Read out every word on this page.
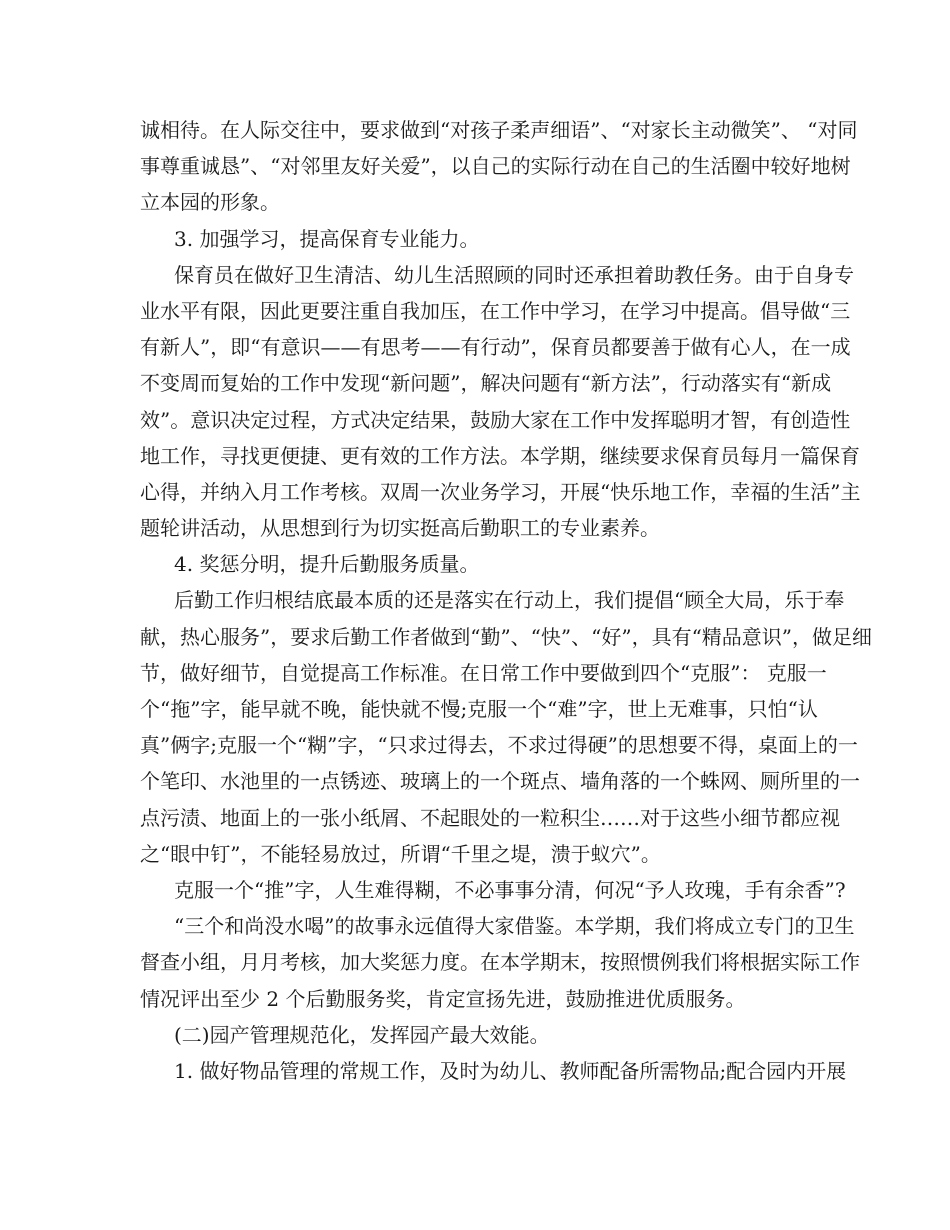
诚相待。在人际交往中，要求做到“对孩子柔声细语”、“对家长主动微笑”、 “对同
事尊重诚恳”、“对邻里友好关爱”，以自己的实际行动在自己的生活圈中较好地树
立本园的形象。
3. 加强学习，提高保育专业能力。
保育员在做好卫生清洁、幼儿生活照顾的同时还承担着助教任务。由于自身专
业水平有限，因此更要注重自我加压，在工作中学习，在学习中提高。倡导做“三
有新人”，即“有意识——有思考——有行动”，保育员都要善于做有心人，在一成
不变周而复始的工作中发现“新问题”，解决问题有“新方法”，行动落实有“新成
效”。意识决定过程，方式决定结果，鼓励大家在工作中发挥聪明才智，有创造性
地工作，寻找更便捷、更有效的工作方法。本学期，继续要求保育员每月一篇保育
心得，并纳入月工作考核。双周一次业务学习，开展“快乐地工作，幸福的生活”主
题轮讲活动，从思想到行为切实挺高后勤职工的专业素养。
4. 奖惩分明，提升后勤服务质量。
后勤工作归根结底最本质的还是落实在行动上，我们提倡“顾全大局，乐于奉
献，热心服务”，要求后勤工作者做到“勤”、“快”、“好”，具有“精品意识”，做足细
节，做好细节，自觉提高工作标准。在日常工作中要做到四个“克服”： 克服一
个“拖”字，能早就不晚，能快就不慢;克服一个“难”字，世上无难事，只怕“认
真”俩字;克服一个“糊”字，“只求过得去，不求过得硬”的思想要不得，桌面上的一
个笔印、水池里的一点锈迹、玻璃上的一个斑点、墙角落的一个蛛网、厕所里的一
点污渍、地面上的一张小纸屑、不起眼处的一粒积尘……对于这些小细节都应视
之“眼中钉”，不能轻易放过，所谓“千里之堤，溃于蚁穴”。
克服一个“推”字，人生难得糊，不必事事分清，何况“予人玫瑰，手有余香”?
“三个和尚没水喝”的故事永远值得大家借鉴。本学期，我们将成立专门的卫生
督查小组，月月考核，加大奖惩力度。在本学期末，按照惯例我们将根据实际工作
情况评出至少 2 个后勤服务奖，肯定宣扬先进，鼓励推进优质服务。
(二)园产管理规范化，发挥园产最大效能。
1. 做好物品管理的常规工作，及时为幼儿、教师配备所需物品;配合园内开展
